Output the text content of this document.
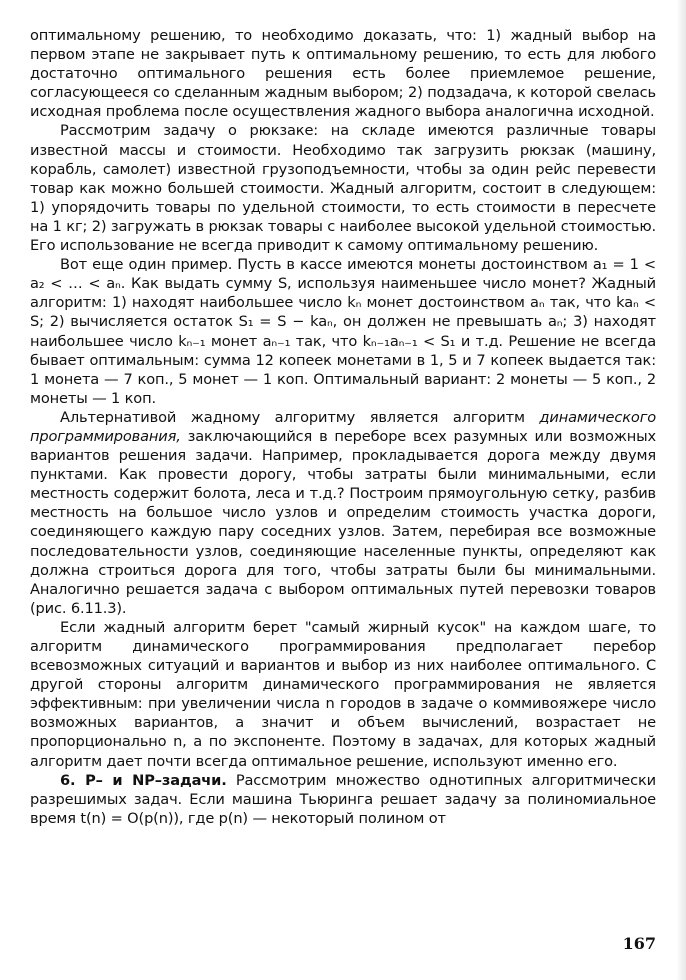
оптимальному решению, то необходимо доказать, что: 1) жадный выбор на первом этапе не закрывает путь к оптимальному решению, то есть для любого достаточно оптимального решения есть более приемлемое решение, согласующееся со сделанным жадным выбором; 2) подзадача, к которой свелась исходная проблема после осуществления жадного выбора аналогична исходной.

Рассмотрим задачу о рюкзаке: на складе имеются различные товары известной массы и стоимости. Необходимо так загрузить рюкзак (машину, корабль, самолет) известной грузоподъемности, чтобы за один рейс перевести товар как можно большей стоимости. Жадный алгоритм, состоит в следующем: 1) упорядочить товары по удельной стоимости, то есть стоимости в пересчете на 1 кг; 2) загружать в рюкзак товары с наиболее высокой удельной стоимостью. Его использование не всегда приводит к самому оптимальному решению.

Вот еще один пример. Пусть в кассе имеются монеты достоинством a₁ = 1 < a₂ < … < aₙ. Как выдать сумму S, используя наименьшее число монет? Жадный алгоритм: 1) находят наибольшее число kₙ монет достоинством aₙ так, что kaₙ < S; 2) вычисляется остаток S₁ = S − kaₙ, он должен не превышать aₙ; 3) находят наибольшее число kₙ₋₁ монет aₙ₋₁ так, что kₙ₋₁aₙ₋₁ < S₁ и т.д. Решение не всегда бывает оптимальным: сумма 12 копеек монетами в 1, 5 и 7 копеек выдается так: 1 монета — 7 коп., 5 монет — 1 коп. Оптимальный вариант: 2 монеты — 5 коп., 2 монеты — 1 коп.

Альтернативой жадному алгоритму является алгоритм динамического программирования, заключающийся в переборе всех разумных или возможных вариантов решения задачи. Например, прокладывается дорога между двумя пунктами. Как провести дорогу, чтобы затраты были минимальными, если местность содержит болота, леса и т.д.? Построим прямоугольную сетку, разбив местность на большое число узлов и определим стоимость участка дороги, соединяющего каждую пару соседних узлов. Затем, перебирая все возможные последовательности узлов, соединяющие населенные пункты, определяют как должна строиться дорога для того, чтобы затраты были бы минимальными. Аналогично решается задача с выбором оптимальных путей перевозки товаров (рис. 6.11.3).

Если жадный алгоритм берет "самый жирный кусок" на каждом шаге, то алгоритм динамического программирования предполагает перебор всевозможных ситуаций и вариантов и выбор из них наиболее оптимального. С другой стороны алгоритм динамического программирования не является эффективным: при увеличении числа n городов в задаче о коммивояжере число возможных вариантов, а значит и объем вычислений, возрастает не пропорционально n, а по экспоненте. Поэтому в задачах, для которых жадный алгоритм дает почти всегда оптимальное решение, используют именно его.

6. P– и NP–задачи. Рассмотрим множество однотипных алгоритмически разрешимых задач. Если машина Тьюринга решает задачу за полиномиальное время t(n) = O(p(n)), где p(n) — некоторый полином от

167
